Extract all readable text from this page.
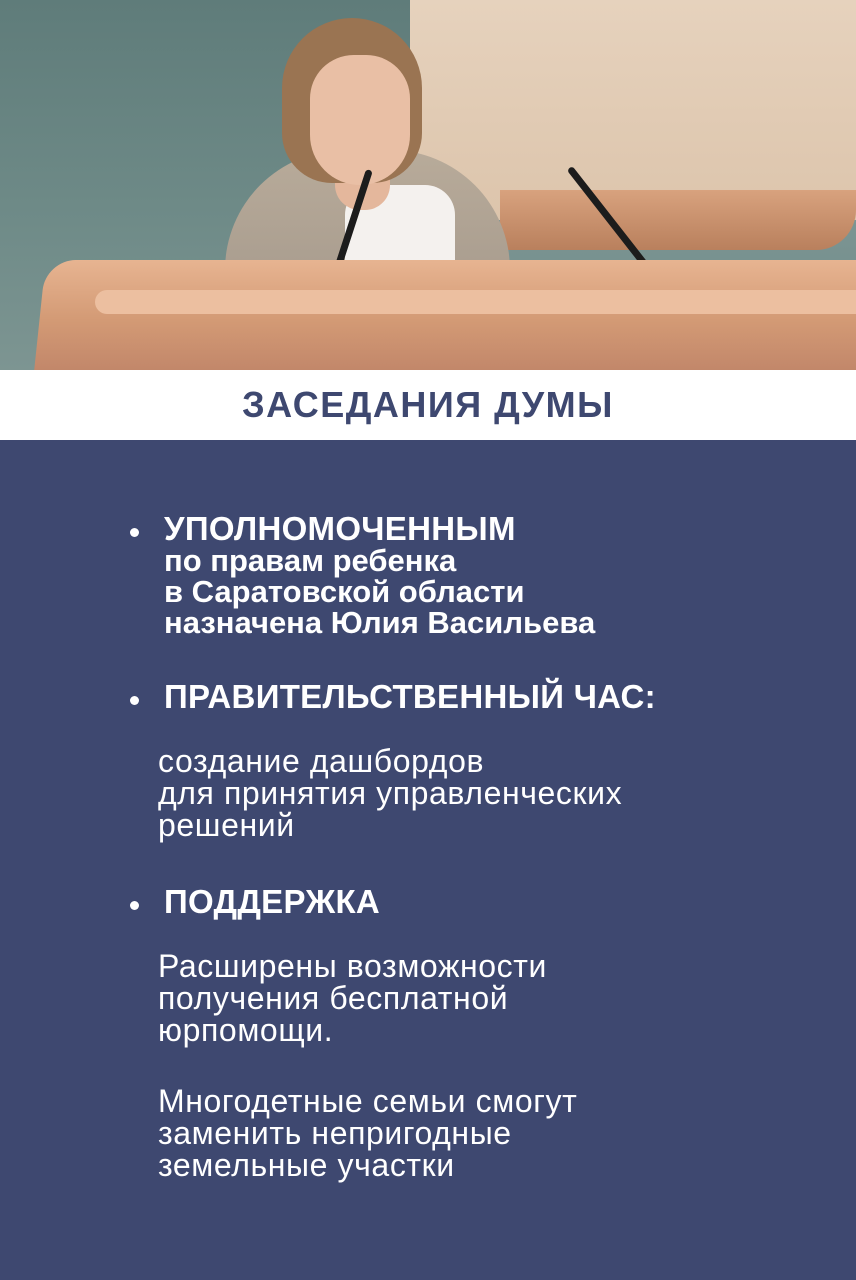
ЗАСЕДАНИЯ ДУМЫ
УПОЛНОМОЧЕННЫМ
по правам ребенка
в Саратовской области
назначена Юлия Васильева
ПРАВИТЕЛЬСТВЕННЫЙ ЧАС:
создание дашбордов
для принятия управленческих
решений
ПОДДЕРЖКА
Расширены возможности
получения бесплатной
юрпомощи.
Многодетные семьи смогут
заменить непригодные
земельные участки
